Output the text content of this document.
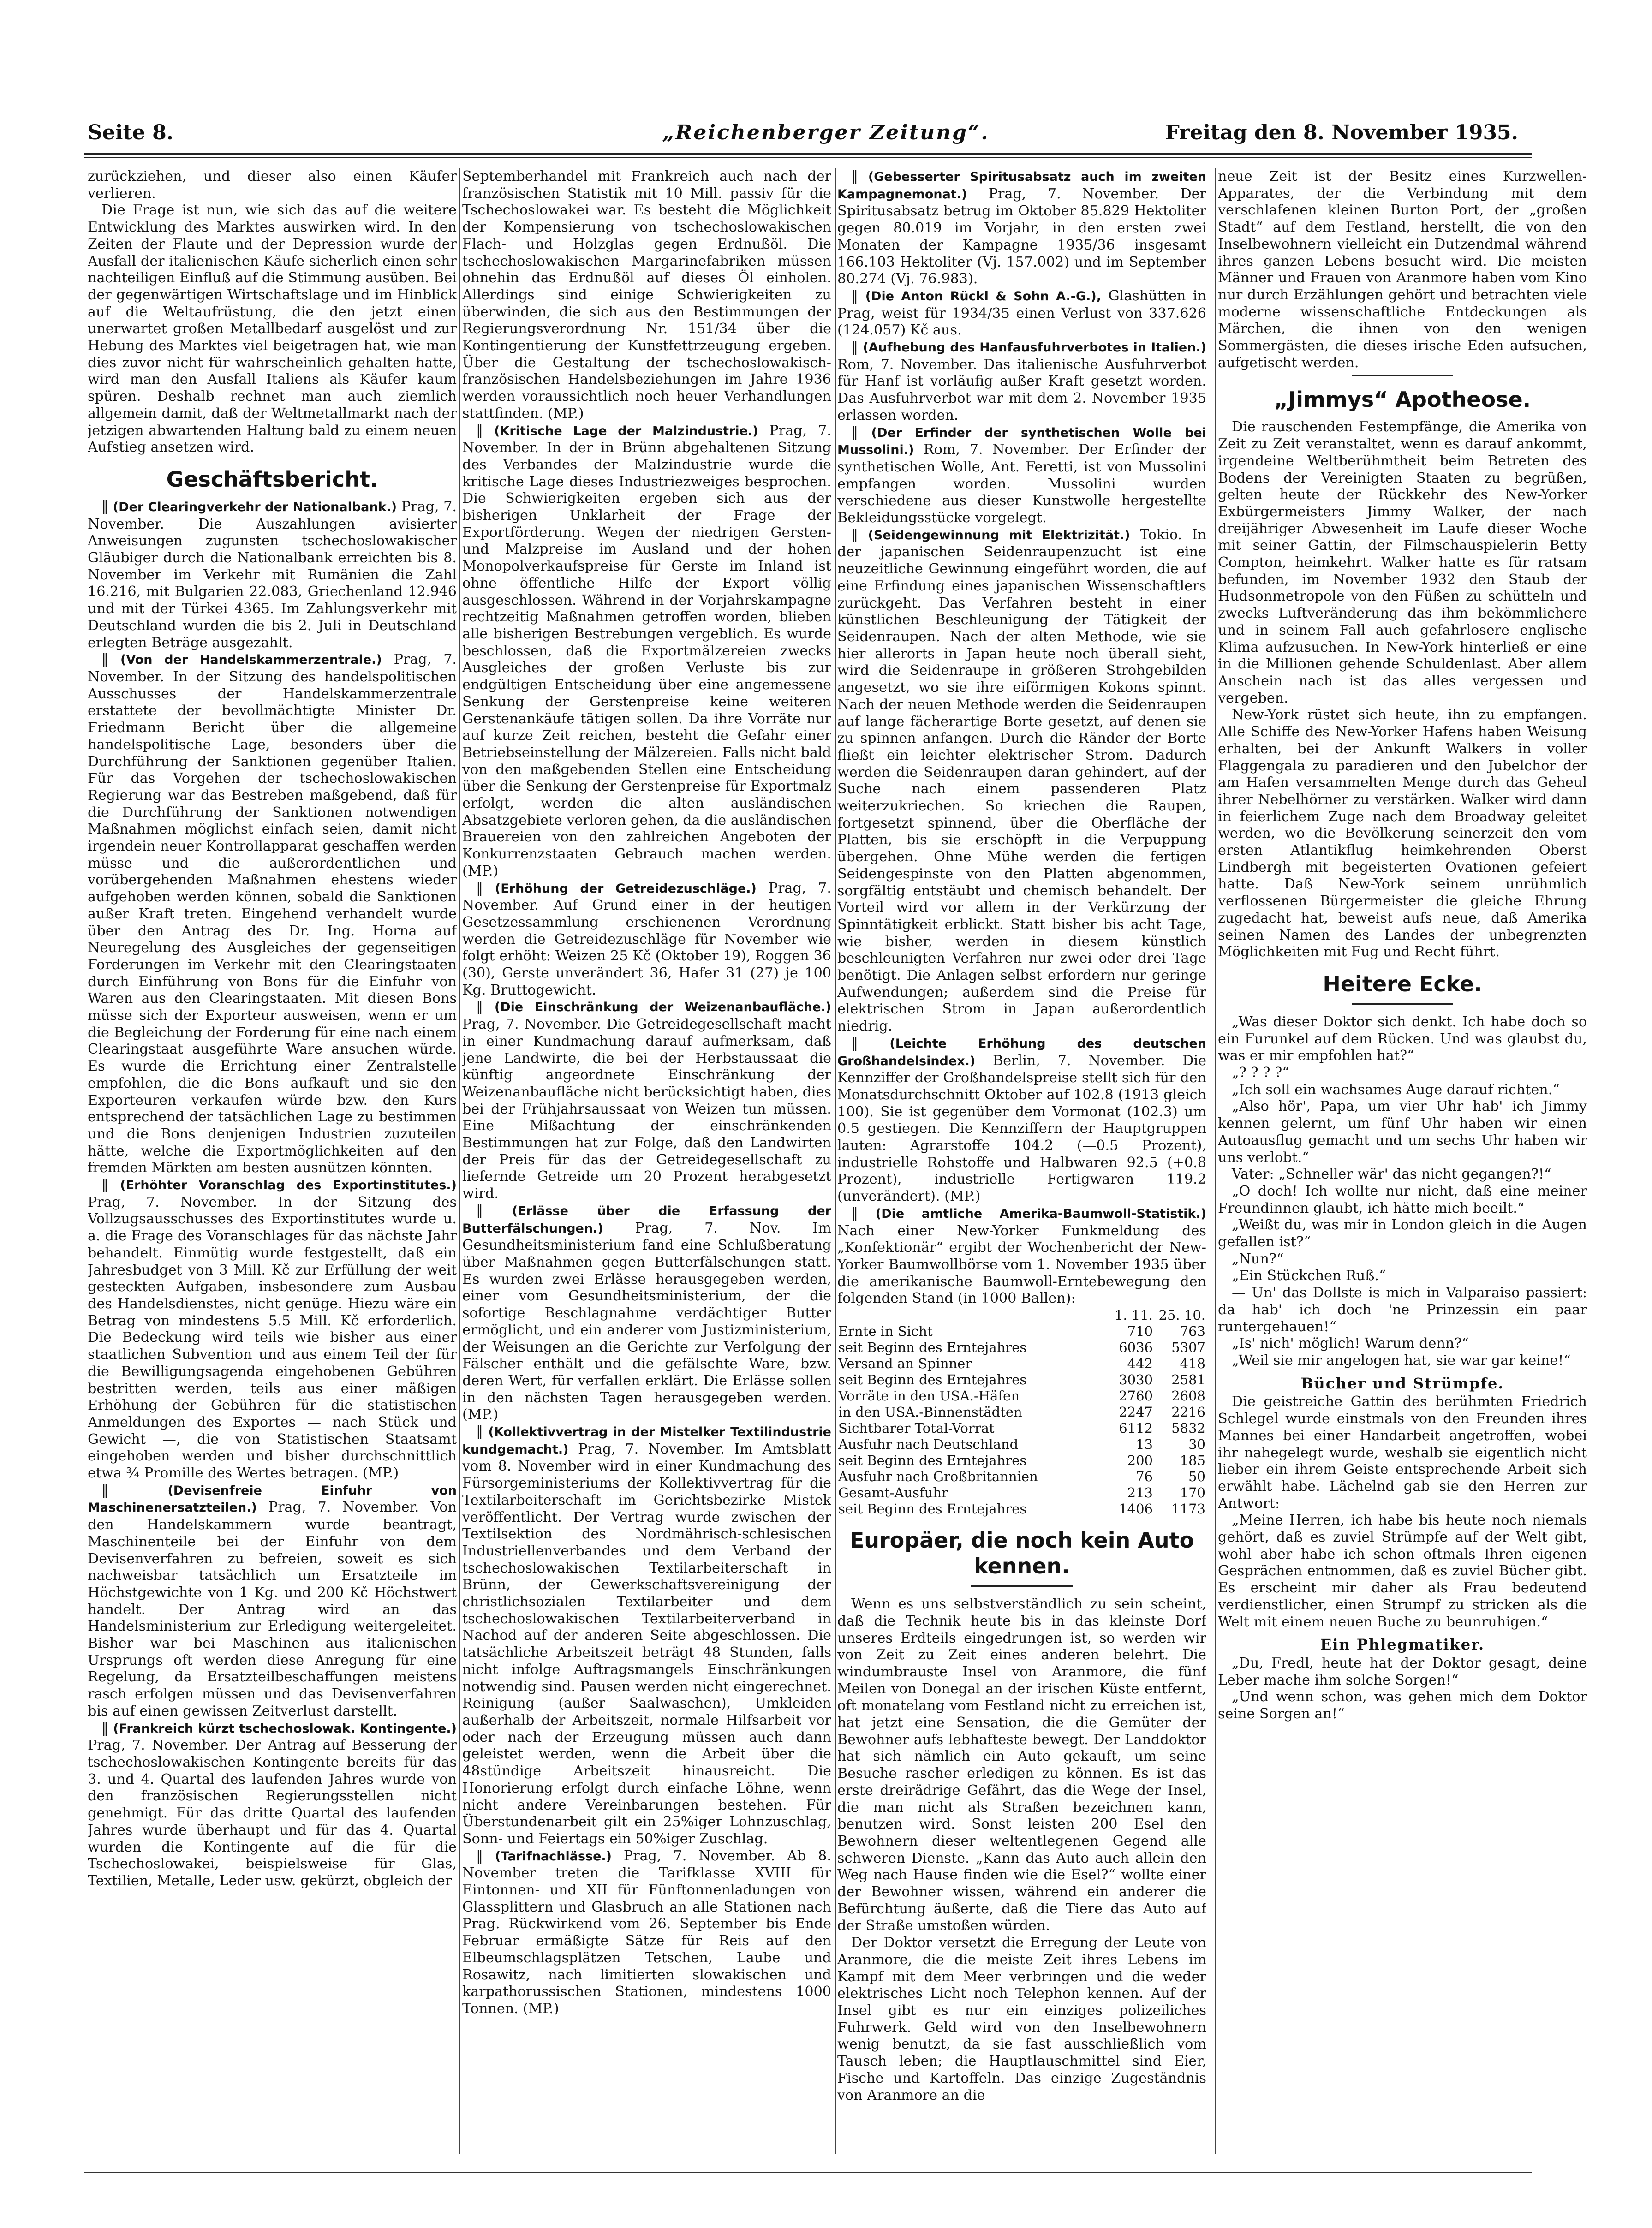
Seite 8.	„Reichenberger Zeitung“.	Freitag den 8. November 1935.

zurückziehen, und dieser also einen Käufer verlieren.

Die Frage ist nun, wie sich das auf die weitere Entwicklung des Marktes auswirken wird. In den Zeiten der Flaute und der Depression wurde der Ausfall der italienischen Käufe sicherlich einen sehr nachteiligen Einfluß auf die Stimmung ausüben. Bei der gegenwärtigen Wirtschaftslage und im Hinblick auf die Weltaufrüstung, die den jetzt einen unerwartet großen Metallbedarf ausgelöst und zur Hebung des Marktes viel beigetragen hat, wie man dies zuvor nicht für wahrscheinlich gehalten hatte, wird man den Ausfall Italiens als Käufer kaum spüren. Deshalb rechnet man auch ziemlich allgemein damit, daß der Weltmetallmarkt nach der jetzigen abwartenden Haltung bald zu einem neuen Aufstieg ansetzen wird.

Geschäftsbericht.

‖ (Der Clearingverkehr der Nationalbank.) Prag, 7. November. Die Auszahlungen avisierter Anweisungen zugunsten tschechoslowakischer Gläubiger durch die Nationalbank erreichten bis 8. November im Verkehr mit Rumänien die Zahl 16.216, mit Bulgarien 22.083, Griechenland 12.946 und mit der Türkei 4365. Im Zahlungsverkehr mit Deutschland wurden die bis 2. Juli in Deutschland erlegten Beträge ausgezahlt.

‖ (Von der Handelskammerzentrale.) Prag, 7. November. In der Sitzung des handelspolitischen Ausschusses der Handelskammerzentrale erstattete der bevollmächtigte Minister Dr. Friedmann Bericht über die allgemeine handelspolitische Lage, besonders über die Durchführung der Sanktionen gegenüber Italien. Für das Vorgehen der tschechoslowakischen Regierung war das Bestreben maßgebend, daß für die Durchführung der Sanktionen notwendigen Maßnahmen möglichst einfach seien, damit nicht irgendein neuer Kontrollapparat geschaffen werden müsse und die außerordentlichen und vorübergehenden Maßnahmen ehestens wieder aufgehoben werden können, sobald die Sanktionen außer Kraft treten. Eingehend verhandelt wurde über den Antrag des Dr. Ing. Horna auf Neuregelung des Ausgleiches der gegenseitigen Forderungen im Verkehr mit den Clearingstaaten durch Einführung von Bons für die Einfuhr von Waren aus den Clearingstaaten. Mit diesen Bons müsse sich der Exporteur ausweisen, wenn er um die Begleichung der Forderung für eine nach einem Clearingstaat ausgeführte Ware ansuchen würde. Es wurde die Errichtung einer Zentralstelle empfohlen, die die Bons aufkauft und sie den Exporteuren verkaufen würde bzw. den Kurs entsprechend der tatsächlichen Lage zu bestimmen und die Bons denjenigen Industrien zuzuteilen hätte, welche die Exportmöglichkeiten auf den fremden Märkten am besten ausnützen könnten.

‖ (Erhöhter Voranschlag des Exportinstitutes.) Prag, 7. November. In der Sitzung des Vollzugsausschusses des Exportinstitutes wurde u. a. die Frage des Voranschlages für das nächste Jahr behandelt. Einmütig wurde festgestellt, daß ein Jahresbudget von 3 Mill. Kč zur Erfüllung der weit gesteckten Aufgaben, insbesondere zum Ausbau des Handelsdienstes, nicht genüge. Hiezu wäre ein Betrag von mindestens 5.5 Mill. Kč erforderlich. Die Bedeckung wird teils wie bisher aus einer staatlichen Subvention und aus einem Teil der für die Bewilligungsagenda eingehobenen Gebühren bestritten werden, teils aus einer mäßigen Erhöhung der Gebühren für die statistischen Anmeldungen des Exportes — nach Stück und Gewicht —, die von Statistischen Staatsamt eingehoben werden und bisher durchschnittlich etwa ¾ Promille des Wertes betragen. (MP.)

‖ (Devisenfreie Einfuhr von Maschinenersatzteilen.) Prag, 7. November. Von den Handelskammern wurde beantragt, Maschinenteile bei der Einfuhr von dem Devisenverfahren zu befreien, soweit es sich nachweisbar tatsächlich um Ersatzteile im Höchstgewichte von 1 Kg. und 200 Kč Höchstwert handelt. Der Antrag wird an das Handelsministerium zur Erledigung weitergeleitet. Bisher war bei Maschinen aus italienischen Ursprungs oft werden diese Anregung für eine Regelung, da Ersatzteilbeschaffungen meistens rasch erfolgen müssen und das Devisenverfahren bis auf einen gewissen Zeitverlust darstellt.

‖ (Frankreich kürzt tschechoslowak. Kontingente.) Prag, 7. November. Der Antrag auf Besserung der tschechoslowakischen Kontingente bereits für das 3. und 4. Quartal des laufenden Jahres wurde von den französischen Regierungsstellen nicht genehmigt. Für das dritte Quartal des laufenden Jahres wurde überhaupt und für das 4. Quartal wurden die Kontingente auf die für die Tschechoslowakei, beispielsweise für Glas, Textilien, Metalle, Leder usw. gekürzt, obgleich der

Septemberhandel mit Frankreich auch nach der französischen Statistik mit 10 Mill. passiv für die Tschechoslowakei war. Es besteht die Möglichkeit der Kompensierung von tschechoslowakischen Flach- und Holzglas gegen Erdnußöl. Die tschechoslowakischen Margarinefabriken müssen ohnehin das Erdnußöl auf dieses Öl einholen. Allerdings sind einige Schwierigkeiten zu überwinden, die sich aus den Bestimmungen der Regierungsverordnung Nr. 151/34 über die Kontingentierung der Kunstfettrzeugung ergeben. Über die Gestaltung der tschechoslowakisch-französischen Handelsbeziehungen im Jahre 1936 werden voraussichtlich noch heuer Verhandlungen stattfinden. (MP.)

‖ (Kritische Lage der Malzindustrie.) Prag, 7. November. In der in Brünn abgehaltenen Sitzung des Verbandes der Malzindustrie wurde die kritische Lage dieses Industriezweiges besprochen. Die Schwierigkeiten ergeben sich aus der bisherigen Unklarheit der Frage der Exportförderung. Wegen der niedrigen Gersten- und Malzpreise im Ausland und der hohen Monopolverkaufspreise für Gerste im Inland ist ohne öffentliche Hilfe der Export völlig ausgeschlossen. Während in der Vorjahrskampagne rechtzeitig Maßnahmen getroffen worden, blieben alle bisherigen Bestrebungen vergeblich. Es wurde beschlossen, daß die Exportmälzereien zwecks Ausgleiches der großen Verluste bis zur endgültigen Entscheidung über eine angemessene Senkung der Gerstenpreise keine weiteren Gerstenankäufe tätigen sollen. Da ihre Vorräte nur auf kurze Zeit reichen, besteht die Gefahr einer Betriebseinstellung der Mälzereien. Falls nicht bald von den maßgebenden Stellen eine Entscheidung über die Senkung der Gerstenpreise für Exportmalz erfolgt, werden die alten ausländischen Absatzgebiete verloren gehen, da die ausländischen Brauereien von den zahlreichen Angeboten der Konkurrenzstaaten Gebrauch machen werden. (MP.)

‖ (Erhöhung der Getreidezuschläge.) Prag, 7. November. Auf Grund einer in der heutigen Gesetzessammlung erschienenen Verordnung werden die Getreidezuschläge für November wie folgt erhöht: Weizen 25 Kč (Oktober 19), Roggen 36 (30), Gerste unverändert 36, Hafer 31 (27) je 100 Kg. Bruttogewicht.

‖ (Die Einschränkung der Weizenanbaufläche.) Prag, 7. November. Die Getreidegesellschaft macht in einer Kundmachung darauf aufmerksam, daß jene Landwirte, die bei der Herbstaussaat die künftig angeordnete Einschränkung der Weizenanbaufläche nicht berücksichtigt haben, dies bei der Frühjahrsaussaat von Weizen tun müssen. Eine Mißachtung der einschränkenden Bestimmungen hat zur Folge, daß den Landwirten der Preis für das der Getreidegesellschaft zu liefernde Getreide um 20 Prozent herabgesetzt wird.

‖ (Erlässe über die Erfassung der Butterfälschungen.) Prag, 7. Nov. Im Gesundheitsministerium fand eine Schlußberatung über Maßnahmen gegen Butterfälschungen statt. Es wurden zwei Erlässe herausgegeben werden, einer vom Gesundheitsministerium, der die sofortige Beschlagnahme verdächtiger Butter ermöglicht, und ein anderer vom Justizministerium, der Weisungen an die Gerichte zur Verfolgung der Fälscher enthält und die gefälschte Ware, bzw. deren Wert, für verfallen erklärt. Die Erlässe sollen in den nächsten Tagen herausgegeben werden. (MP.)

‖ (Kollektivvertrag in der Mistelker Textilindustrie kundgemacht.) Prag, 7. November. Im Amtsblatt vom 8. November wird in einer Kundmachung des Fürsorgeministeriums der Kollektivvertrag für die Textilarbeiterschaft im Gerichtsbezirke Mistek veröffentlicht. Der Vertrag wurde zwischen der Textilsektion des Nordmährisch-schlesischen Industriellenverbandes und dem Verband der tschechoslowakischen Textilarbeiterschaft in Brünn, der Gewerkschaftsvereinigung der christlichsozialen Textilarbeiter und dem tschechoslowakischen Textilarbeiterverband in Nachod auf der anderen Seite abgeschlossen. Die tatsächliche Arbeitszeit beträgt 48 Stunden, falls nicht infolge Auftragsmangels Einschränkungen notwendig sind. Pausen werden nicht eingerechnet. Reinigung (außer Saalwaschen), Umkleiden außerhalb der Arbeitszeit, normale Hilfsarbeit vor oder nach der Erzeugung müssen auch dann geleistet werden, wenn die Arbeit über die 48stündige Arbeitszeit hinausreicht. Die Honorierung erfolgt durch einfache Löhne, wenn nicht andere Vereinbarungen bestehen. Für Überstundenarbeit gilt ein 25%iger Lohnzuschlag, Sonn- und Feiertags ein 50%iger Zuschlag.

‖ (Tarifnachlässe.) Prag, 7. November. Ab 8. November treten die Tarifklasse XVIII für Eintonnen- und XII für Fünftonnenladungen von Glassplittern und Glasbruch an alle Stationen nach Prag. Rückwirkend vom 26. September bis Ende Februar ermäßigte Sätze für Reis auf den Elbeumschlagsplätzen Tetschen, Laube und Rosawitz, nach limitierten slowakischen und karpathorussischen Stationen, mindestens 1000 Tonnen. (MP.)

‖ (Gebesserter Spiritusabsatz auch im zweiten Kampagnemonat.) Prag, 7. November. Der Spiritusabsatz betrug im Oktober 85.829 Hektoliter gegen 80.019 im Vorjahr, in den ersten zwei Monaten der Kampagne 1935/36 insgesamt 166.103 Hektoliter (Vj. 157.002) und im September 80.274 (Vj. 76.983).

‖ (Die Anton Rückl & Sohn A.-G.), Glashütten in Prag, weist für 1934/35 einen Verlust von 337.626 (124.057) Kč aus.

‖ (Aufhebung des Hanfausfuhrverbotes in Italien.) Rom, 7. November. Das italienische Ausfuhrverbot für Hanf ist vorläufig außer Kraft gesetzt worden. Das Ausfuhrverbot war mit dem 2. November 1935 erlassen worden.

‖ (Der Erfinder der synthetischen Wolle bei Mussolini.) Rom, 7. November. Der Erfinder der synthetischen Wolle, Ant. Feretti, ist von Mussolini empfangen worden. Mussolini wurden verschiedene aus dieser Kunstwolle hergestellte Bekleidungsstücke vorgelegt.

‖ (Seidengewinnung mit Elektrizität.) Tokio. In der japanischen Seidenraupenzucht ist eine neuzeitliche Gewinnung eingeführt worden, die auf eine Erfindung eines japanischen Wissenschaftlers zurückgeht. Das Verfahren besteht in einer künstlichen Beschleunigung der Tätigkeit der Seidenraupen. Nach der alten Methode, wie sie hier allerorts in Japan heute noch überall sieht, wird die Seidenraupe in größeren Strohgebilden angesetzt, wo sie ihre eiförmigen Kokons spinnt. Nach der neuen Methode werden die Seidenraupen auf lange fächerartige Borte gesetzt, auf denen sie zu spinnen anfangen. Durch die Ränder der Borte fließt ein leichter elektrischer Strom. Dadurch werden die Seidenraupen daran gehindert, auf der Suche nach einem passenderen Platz weiterzukriechen. So kriechen die Raupen, fortgesetzt spinnend, über die Oberfläche der Platten, bis sie erschöpft in die Verpuppung übergehen. Ohne Mühe werden die fertigen Seidengespinste von den Platten abgenommen, sorgfältig entstäubt und chemisch behandelt. Der Vorteil wird vor allem in der Verkürzung der Spinntätigkeit erblickt. Statt bisher bis acht Tage, wie bisher, werden in diesem künstlich beschleunigten Verfahren nur zwei oder drei Tage benötigt. Die Anlagen selbst erfordern nur geringe Aufwendungen; außerdem sind die Preise für elektrischen Strom in Japan außerordentlich niedrig.

‖ (Leichte Erhöhung des deutschen Großhandelsindex.) Berlin, 7. November. Die Kennziffer der Großhandelspreise stellt sich für den Monatsdurchschnitt Oktober auf 102.8 (1913 gleich 100). Sie ist gegenüber dem Vormonat (102.3) um 0.5 gestiegen. Die Kennziffern der Hauptgruppen lauten: Agrarstoffe 104.2 (—0.5 Prozent), industrielle Rohstoffe und Halbwaren 92.5 (+0.8 Prozent), industrielle Fertigwaren 119.2 (unverändert). (MP.)

‖ (Die amtliche Amerika-Baumwoll-Statistik.) Nach einer New-Yorker Funkmeldung des „Konfektionär“ ergibt der Wochenbericht der New-Yorker Baumwollbörse vom 1. November 1935 über die amerikanische Baumwoll-Erntebewegung den folgenden Stand (in 1000 Ballen):

	1. 11.	25. 10.
Ernte in Sicht	710	763
seit Beginn des Erntejahres	6036	5307
Versand an Spinner	442	418
seit Beginn des Erntejahres	3030	2581
Vorräte in den USA.-Häfen	2760	2608
in den USA.-Binnenstädten	2247	2216
Sichtbarer Total-Vorrat	6112	5832
Ausfuhr nach Deutschland	13	30
seit Beginn des Erntejahres	200	185
Ausfuhr nach Großbritannien	76	50
Gesamt-Ausfuhr	213	170
seit Beginn des Erntejahres	1406	1173
Europäer, die noch kein Auto kennen.

Wenn es uns selbstverständlich zu sein scheint, daß die Technik heute bis in das kleinste Dorf unseres Erdteils eingedrungen ist, so werden wir von Zeit zu Zeit eines anderen belehrt. Die windumbrauste Insel von Aranmore, die fünf Meilen von Donegal an der irischen Küste entfernt, oft monatelang vom Festland nicht zu erreichen ist, hat jetzt eine Sensation, die die Gemüter der Bewohner aufs lebhafteste bewegt. Der Landdoktor hat sich nämlich ein Auto gekauft, um seine Besuche rascher erledigen zu können. Es ist das erste dreirädrige Gefährt, das die Wege der Insel, die man nicht als Straßen bezeichnen kann, benutzen wird. Sonst leisten 200 Esel den Bewohnern dieser weltentlegenen Gegend alle schweren Dienste. „Kann das Auto auch allein den Weg nach Hause finden wie die Esel?“ wollte einer der Bewohner wissen, während ein anderer die Befürchtung äußerte, daß die Tiere das Auto auf der Straße umstoßen würden.

Der Doktor versetzt die Erregung der Leute von Aranmore, die die meiste Zeit ihres Lebens im Kampf mit dem Meer verbringen und die weder elektrisches Licht noch Telephon kennen. Auf der Insel gibt es nur ein einziges polizeiliches Fuhrwerk. Geld wird von den Inselbewohnern wenig benutzt, da sie fast ausschließlich vom Tausch leben; die Hauptlauschmittel sind Eier, Fische und Kartoffeln. Das einzige Zugeständnis von Aranmore an die

neue Zeit ist der Besitz eines Kurzwellen-Apparates, der die Verbindung mit dem verschlafenen kleinen Burton Port, der „großen Stadt“ auf dem Festland, herstellt, die von den Inselbewohnern vielleicht ein Dutzendmal während ihres ganzen Lebens besucht wird. Die meisten Männer und Frauen von Aranmore haben vom Kino nur durch Erzählungen gehört und betrachten viele moderne wissenschaftliche Entdeckungen als Märchen, die ihnen von den wenigen Sommergästen, die dieses irische Eden aufsuchen, aufgetischt werden.

„Jimmys“ Apotheose.

Die rauschenden Festempfänge, die Amerika von Zeit zu Zeit veranstaltet, wenn es darauf ankommt, irgendeine Weltberühmtheit beim Betreten des Bodens der Vereinigten Staaten zu begrüßen, gelten heute der Rückkehr des New-Yorker Exbürgermeisters Jimmy Walker, der nach dreijähriger Abwesenheit im Laufe dieser Woche mit seiner Gattin, der Filmschauspielerin Betty Compton, heimkehrt. Walker hatte es für ratsam befunden, im November 1932 den Staub der Hudsonmetropole von den Füßen zu schütteln und zwecks Luftveränderung das ihm bekömmlichere und in seinem Fall auch gefahrlosere englische Klima aufzusuchen. In New-York hinterließ er eine in die Millionen gehende Schuldenlast. Aber allem Anschein nach ist das alles vergessen und vergeben.

New-York rüstet sich heute, ihn zu empfangen. Alle Schiffe des New-Yorker Hafens haben Weisung erhalten, bei der Ankunft Walkers in voller Flaggengala zu paradieren und den Jubelchor der am Hafen versammelten Menge durch das Geheul ihrer Nebelhörner zu verstärken. Walker wird dann in feierlichem Zuge nach dem Broadway geleitet werden, wo die Bevölkerung seinerzeit den vom ersten Atlantikflug heimkehrenden Oberst Lindbergh mit begeisterten Ovationen gefeiert hatte. Daß New-York seinem unrühmlich verflossenen Bürgermeister die gleiche Ehrung zugedacht hat, beweist aufs neue, daß Amerika seinen Namen des Landes der unbegrenzten Möglichkeiten mit Fug und Recht führt.

Heitere Ecke.

„Was dieser Doktor sich denkt. Ich habe doch so ein Furunkel auf dem Rücken. Und was glaubst du, was er mir empfohlen hat?“

„? ? ? ?“

„Ich soll ein wachsames Auge darauf richten.“

„Also hör', Papa, um vier Uhr hab' ich Jimmy kennen gelernt, um fünf Uhr haben wir einen Autoausflug gemacht und um sechs Uhr haben wir uns verlobt.“

Vater: „Schneller wär' das nicht gegangen?!“

„O doch! Ich wollte nur nicht, daß eine meiner Freundinnen glaubt, ich hätte mich beeilt.“

„Weißt du, was mir in London gleich in die Augen gefallen ist?“

„Nun?“

„Ein Stückchen Ruß.“

— Un' das Dollste is mich in Valparaiso passiert: da hab' ich doch 'ne Prinzessin ein paar runtergehauen!“

„Is' nich' möglich! Warum denn?“

„Weil sie mir angelogen hat, sie war gar keine!“

Bücher und Strümpfe.

Die geistreiche Gattin des berühmten Friedrich Schlegel wurde einstmals von den Freunden ihres Mannes bei einer Handarbeit angetroffen, wobei ihr nahegelegt wurde, weshalb sie eigentlich nicht lieber ein ihrem Geiste entsprechende Arbeit sich erwählt habe. Lächelnd gab sie den Herren zur Antwort:

„Meine Herren, ich habe bis heute noch niemals gehört, daß es zuviel Strümpfe auf der Welt gibt, wohl aber habe ich schon oftmals Ihren eigenen Gesprächen entnommen, daß es zuviel Bücher gibt. Es erscheint mir daher als Frau bedeutend verdienstlicher, einen Strumpf zu stricken als die Welt mit einem neuen Buche zu beunruhigen.“

Ein Phlegmatiker.

„Du, Fredl, heute hat der Doktor gesagt, deine Leber mache ihm solche Sorgen!“

„Und wenn schon, was gehen mich dem Doktor seine Sorgen an!“
